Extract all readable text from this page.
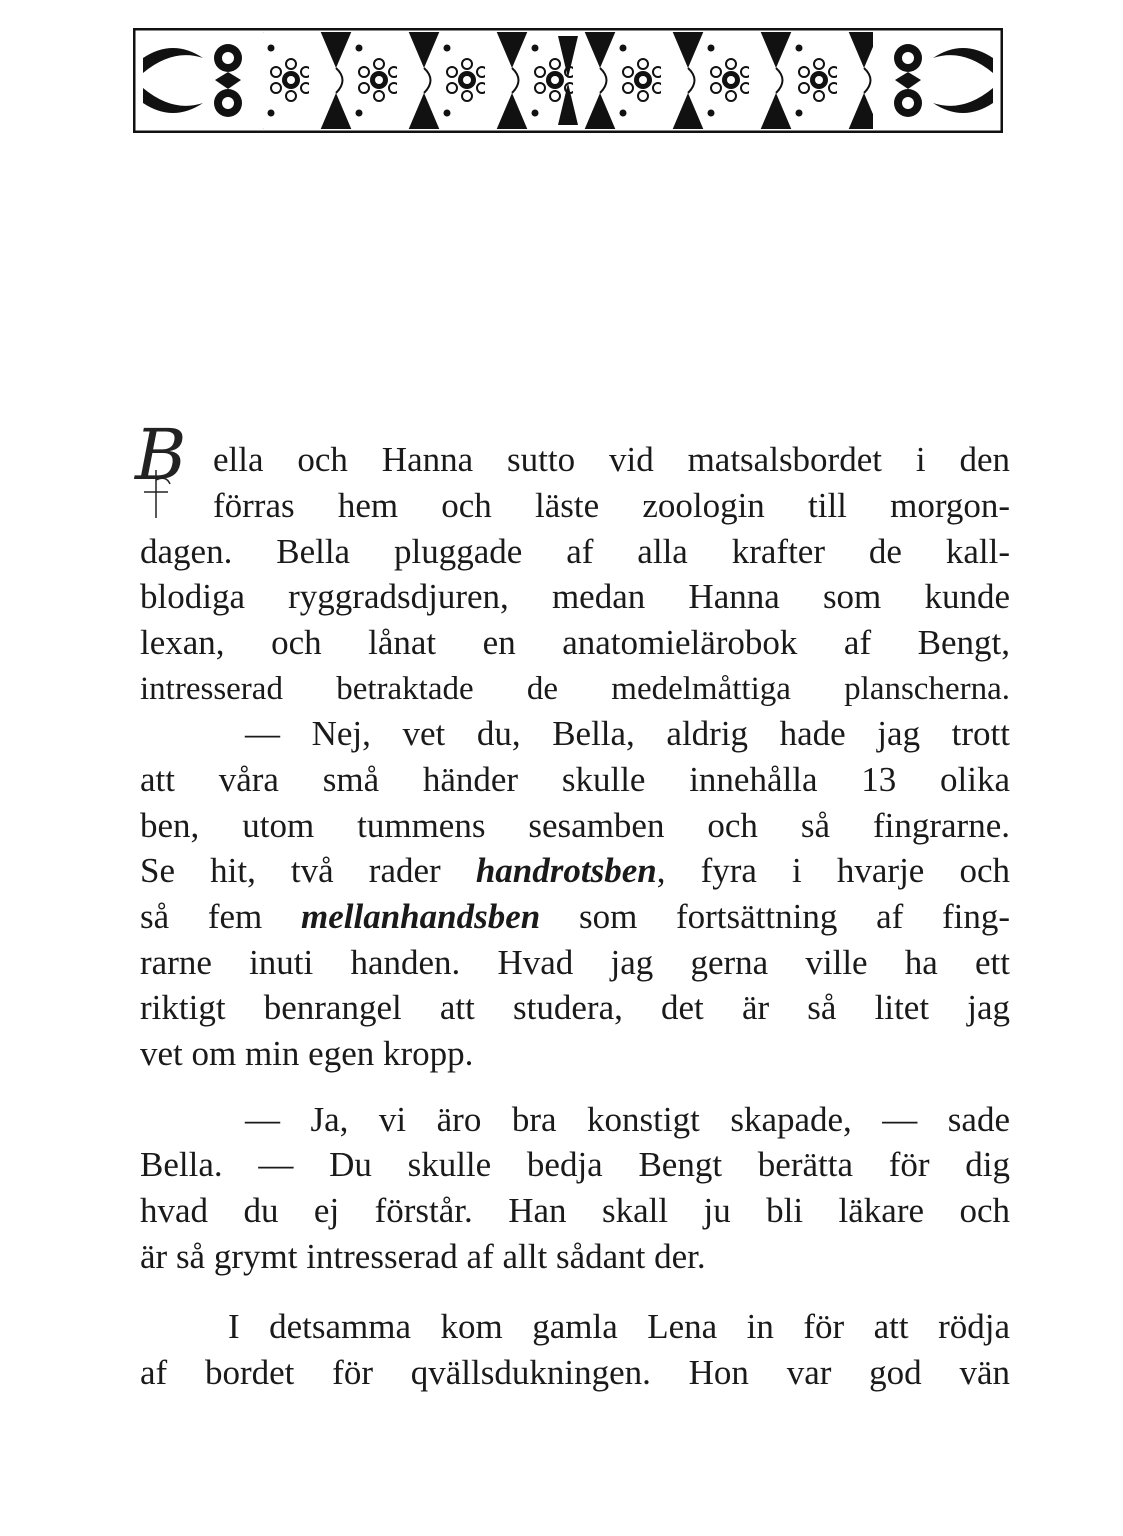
B ella och Hanna sutto vid matsalsbordet i den
förras hem och läste zoologin till morgon-
dagen. Bella pluggade af alla krafter de kall-
blodiga ryggradsdjuren, medan Hanna som kunde
lexan, och lånat en anatomielärobok af Bengt,
intresserad betraktade de medelmåttiga planscherna.
— Nej, vet du, Bella, aldrig hade jag trott
att våra små händer skulle innehålla 13 olika
ben, utom tummens sesamben och så fingrarne.
Se hit, två rader handrotsben, fyra i hvarje och
så fem mellanhandsben som fortsättning af fing-
rarne inuti handen. Hvad jag gerna ville ha ett
riktigt benrangel att studera, det är så litet jag
vet om min egen kropp.
— Ja, vi äro bra konstigt skapade, — sade
Bella. — Du skulle bedja Bengt berätta för dig
hvad du ej förstår. Han skall ju bli läkare och
är så grymt intresserad af allt sådant der.
I detsamma kom gamla Lena in för att rödja
af bordet för qvällsdukningen. Hon var god vän
